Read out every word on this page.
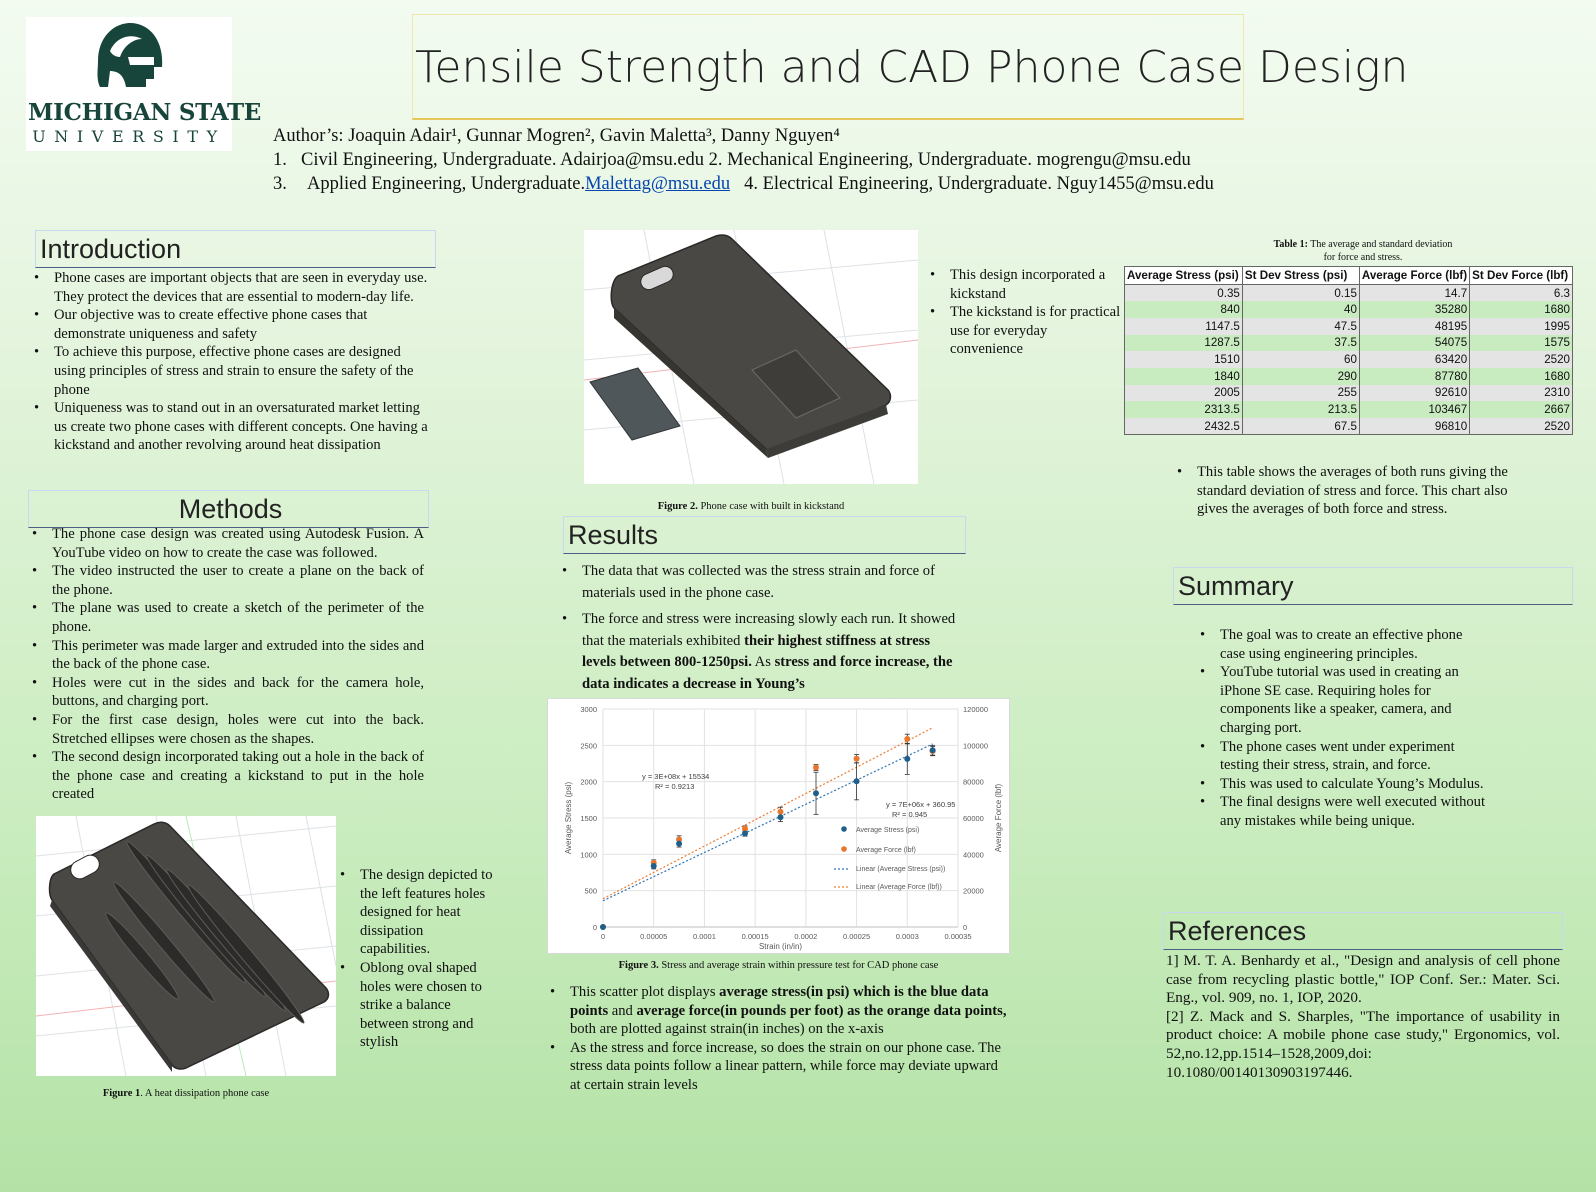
MICHIGAN STATE
UNIVERSITY
Tensile Strength and CAD Phone Case Design
Author’s: Joaquin Adair¹, Gunnar Mogren², Gavin Maletta³, Danny Nguyen⁴
1. Civil Engineering, Undergraduate. Adairjoa@msu.edu 2. Mechanical Engineering, Undergraduate. mogrengu@msu.edu
3.	Applied Engineering, Undergraduate. Malettag@msu.edu 4. Electrical Engineering, Undergraduate. Nguy1455@msu.edu
Introduction
• Phone cases are important objects that are seen in everyday use. They protect the devices that are essential to modern-day life.
• Our objective was to create effective phone cases that demonstrate uniqueness and safety
• To achieve this purpose, effective phone cases are designed using principles of stress and strain to ensure the safety of the phone
• Uniqueness was to stand out in an oversaturated market letting us create two phone cases with different concepts. One having a kickstand and another revolving around heat dissipation
Methods
• The phone case design was created using Autodesk Fusion. A YouTube video on how to create the case was followed.
• The video instructed the user to create a plane on the back of the phone.
• The plane was used to create a sketch of the perimeter of the phone.
• This perimeter was made larger and extruded into the sides and the back of the phone case.
• Holes were cut in the sides and back for the camera hole, buttons, and charging port.
• For the first case design, holes were cut into the back. Stretched ellipses were chosen as the shapes.
• The second design incorporated taking out a hole in the back of the phone case and creating a kickstand to put in the hole created
Figure 1. A heat dissipation phone case
• The design depicted to the left features holes designed for heat dissipation capabilities.
• Oblong oval shaped holes were chosen to strike a balance between strong and stylish
Figure 2. Phone case with built in kickstand
• This design incorporated a kickstand
• The kickstand is for practical use for everyday convenience
Results
• The data that was collected was the stress strain and force of materials used in the phone case.
• The force and stress were increasing slowly each run. It showed that the materials exhibited their highest stiffness at stress levels between 800-1250psi. As stress and force increase, the data indicates a decrease in Young’s
0
500
1000
1500
2000
2500
3000
0	0.00005	0.0001	0.00015	0.0002	0.00025	0.0003	0.00035
0
20000
40000
60000
80000
100000
120000
Strain (in/in)
Average Stress (psi)	Average Force (lbf)
y = 3E+08x + 15534
R² = 0.9213
y = 7E+06x + 360.95
R² = 0.945
Average Stress (psi)
Average Force (lbf)
Linear (Average Stress (psi))
Linear (Average Force (lbf))
Figure 3. Stress and average strain within pressure test for CAD phone case
• This scatter plot displays average stress(in psi) which is the blue data points and average force(in pounds per foot) as the orange data points, both are plotted against strain(in inches) on the x-axis
• As the stress and force increase, so does the strain on our phone case. The stress data points follow a linear pattern, while force may deviate upward at certain strain levels
Table 1: The average and standard deviation for force and stress.
Average Stress (psi)	St Dev Stress (psi)	Average Force (lbf)	St Dev Force (lbf)
0.35	0.15	14.7	6.3
840	40	35280	1680
1147.5	47.5	48195	1995
1287.5	37.5	54075	1575
1510	60	63420	2520
1840	290	87780	1680
2005	255	92610	2310
2313.5	213.5	103467	2667
2432.5	67.5	96810	2520
• This table shows the averages of both runs giving the standard deviation of stress and force. This chart also gives the averages of both force and stress.
Summary
• The goal was to create an effective phone case using engineering principles.
• YouTube tutorial was used in creating an iPhone SE case. Requiring holes for components like a speaker, camera, and charging port.
• The phone cases went under experiment testing their stress, strain, and force.
• This was used to calculate Young’s Modulus.
• The final designs were well executed without any mistakes while being unique.
References

1] M. T. A. Benhardy et al., "Design and analysis of cell phone case from recycling plastic bottle," IOP Conf. Ser.: Mater. Sci. Eng., vol. 909, no. 1, IOP, 2020.

[2] Z. Mack and S. Sharples, "The importance of usability in product choice: A mobile phone case study," Ergonomics, vol. 52,no.12,pp.1514–1528,2009,doi: 10.1080/00140130903197446.
